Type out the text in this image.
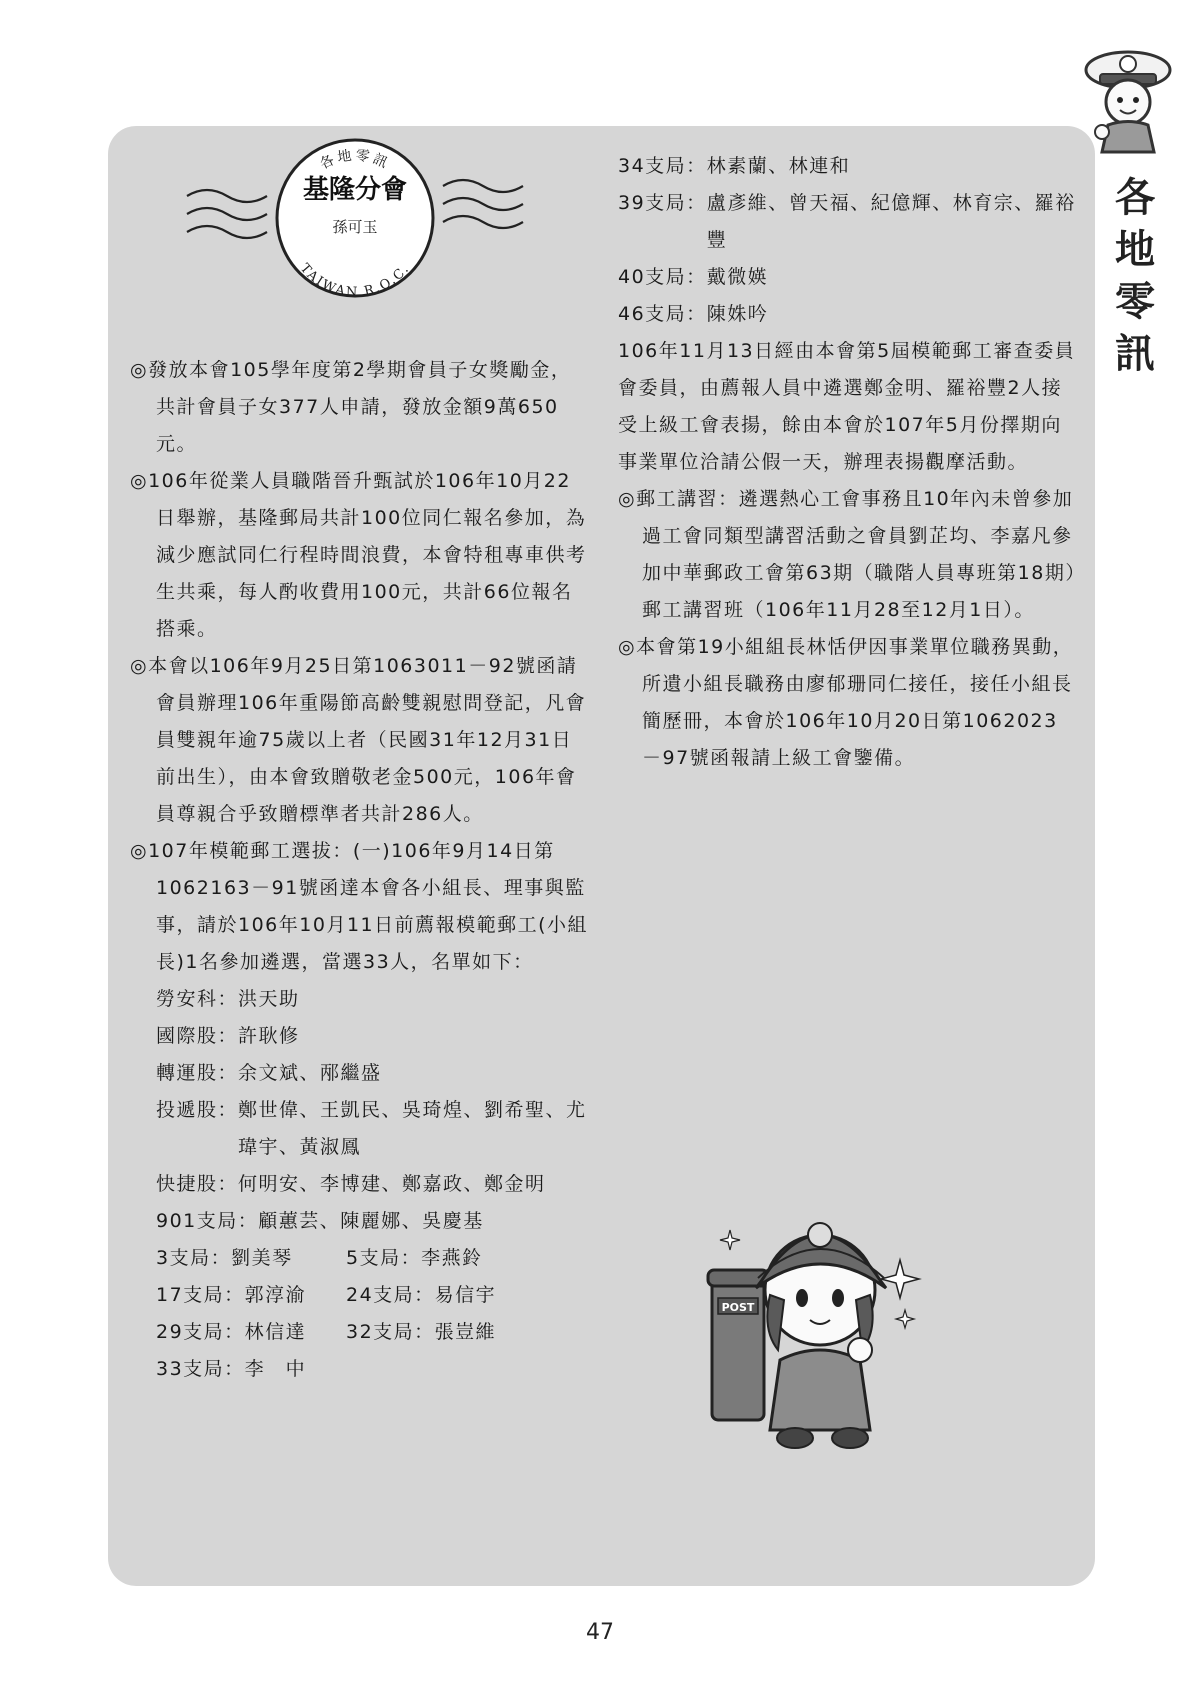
各
地
零
訊
各地零訊
基隆分會
孫可玉
TAIWAN R.O.C.

◎發放本會105學年度第2學期會員子女獎勵金，共計會員子女377人申請，發放金額9萬650元。

◎106年從業人員職階晉升甄試於106年10月22日舉辦，基隆郵局共計100位同仁報名參加，為減少應試同仁行程時間浪費，本會特租專車供考生共乘，每人酌收費用100元，共計66位報名搭乘。

◎本會以106年9月25日第1063011－92號函請會員辦理106年重陽節高齡雙親慰問登記，凡會員雙親年逾75歲以上者（民國31年12月31日前出生），由本會致贈敬老金500元，106年會員尊親合乎致贈標準者共計286人。

◎107年模範郵工選拔：(一)106年9月14日第1062163－91號函達本會各小組長、理事與監事，請於106年10月11日前薦報模範郵工(小組長)1名參加遴選，當選33人，名單如下：

勞安科： 洪天助
國際股： 許耿修
轉運股： 余文斌、邴繼盛
投遞股： 鄭世偉、王凱民、吳琦煌、劉希聖、尤瑋宇、黃淑鳳
快捷股： 何明安、李博建、鄭嘉政、鄭金明
901支局： 顧蕙芸、陳麗娜、吳慶基
3支局：劉美琴	5支局：李燕鈴
17支局：郭淳渝	24支局：易信宇
29支局：林信達	32支局：張豈維
33支局：李　中
34支局： 林素蘭、林連和
39支局： 盧彥維、曾天福、紀億輝、林育宗、羅裕豐
40支局： 戴微媖
46支局： 陳姝吟

106年11月13日經由本會第5屆模範郵工審查委員會委員，由薦報人員中遴選鄭金明、羅裕豐2人接受上級工會表揚，餘由本會於107年5月份擇期向事業單位洽請公假一天，辦理表揚觀摩活動。

◎郵工講習：遴選熱心工會事務且10年內未曾參加過工會同類型講習活動之會員劉芷均、李嘉凡參加中華郵政工會第63期（職階人員專班第18期）郵工講習班（106年11月28至12月1日）。

◎本會第19小組組長林恬伊因事業單位職務異動，所遺小組長職務由廖郁珊同仁接任，接任小組長簡歷冊，本會於106年10月20日第1062023－97號函報請上級工會鑒備。

POST
47
